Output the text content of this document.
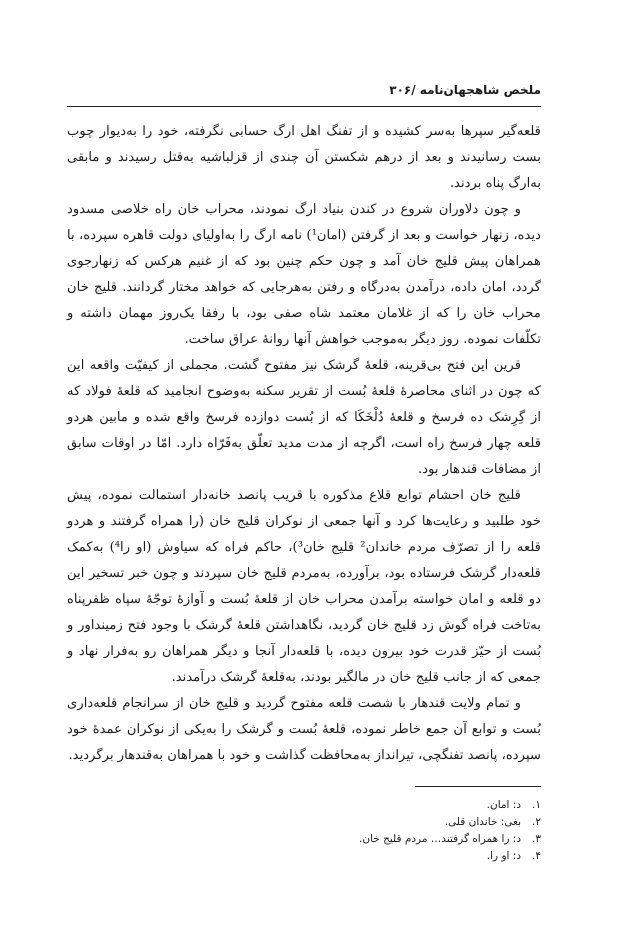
ملخص شاهجهان‌نامه /۳۰۶

قلعه‌گیر سپرها به‌سر کشیده و از تفنگ اهل ارگ حسابی نگرفته، خود را به‌دیوار چوب بست رسانیدند و بعد از درهم شکستن آن چندی از قزلباشیه به‌قتل رسیدند و مابقی به‌ارگ پناه بردند.

و چون دلاوران شروع در کندن بنیاد ارگ نمودند، محراب خان راه خلاصی مسدود دیده، زنهار خواست و بعد از گرفتن (امان¹) نامه ارگ را به‌اولیای دولت قاهره سپرده، با همراهان پیش قلیج خان آمد و چون حکم چنین بود که از غنیم هرکس که زنهارجوی گردد، امان داده، درآمدن به‌درگاه و رفتن به‌هرجایی که خواهد مختار گردانند. قلیج خان محراب خان را که از غلامان معتمد شاه صفی بود، با رفقا یک‌روز مهمان داشته و تکلّفات نموده. روز دیگر به‌موجب خواهش آنها روانهٔ عراق ساخت.

قرین این فتح بی‌قرینه، قلعهٔ گرشک نیز مفتوح گشت. مجملی از کیفیّت واقعه این که چون در اثنای محاصرهٔ قلعهٔ بُست از تقریر سکنه به‌وضوح انجامید که قلعهٔ فولاد که از گِرِشک ده فرسخ و قلعهٔ دُلْخَکَا که از بُست دوازده فرسخ واقع شده و مابین هردو قلعه چهار فرسخ راه است، اگرچه از مدت مدید تعلّق به‌فَرّاه دارد. امّا در اوقات سابق از مضافات قندهار بود.

قلیج خان احشام توابع قلاع مذکوره با قریب پانصد خانه‌دار استمالت نموده، پیش خود طلبید و رعایت‌ها کرد و آنها جمعی از نوکران قلیج خان (را همراه گرفتند و هردو قلعه را از تصرّف مردم خاندان² قلیج خان³)، حاکم فراه که سیاوش (او را⁴) به‌کمک قلعه‌دار گرشک فرستاده بود، برآورده، به‌مردم قلیج خان سپردند و چون خبر تسخیر این دو قلعه و امان خواسته برآمدن محراب خان از قلعهٔ بُست و آوازهٔ توجّهٔ سپاه ظفرپناه به‌تاخت فراه گوش زد قلیج خان گردید، نگاهداشتن قلعهٔ گرشک با وجود فتح زمینداور و بُست از حیّز قدرت خود بیرون دیده، با قلعه‌دار آنجا و دیگر همراهان رو به‌فرار نهاد و جمعی که از جانب قلیج خان در مالگیر بودند، به‌قلعهٔ گرشک درآمدند.

و تمام ولایت قندهار با شصت قلعه مفتوح گردید و قلیج خان از سرانجام قلعه‌داری بُست و توابع آن جمع خاطر نموده، قلعهٔ بُست و گرشک را به‌یکی از نوکران عمدهٔ خود سپرده، پانصد تفنگچی، تیرانداز به‌محافظت گذاشت و خود با همراهان به‌قندهار برگردید.

۱.
د: امان.
۲.
بغی: خاندان قلی.
۳.
د: را همراه گرفتند… مردم قلیج خان.
۴.
د: او را.
